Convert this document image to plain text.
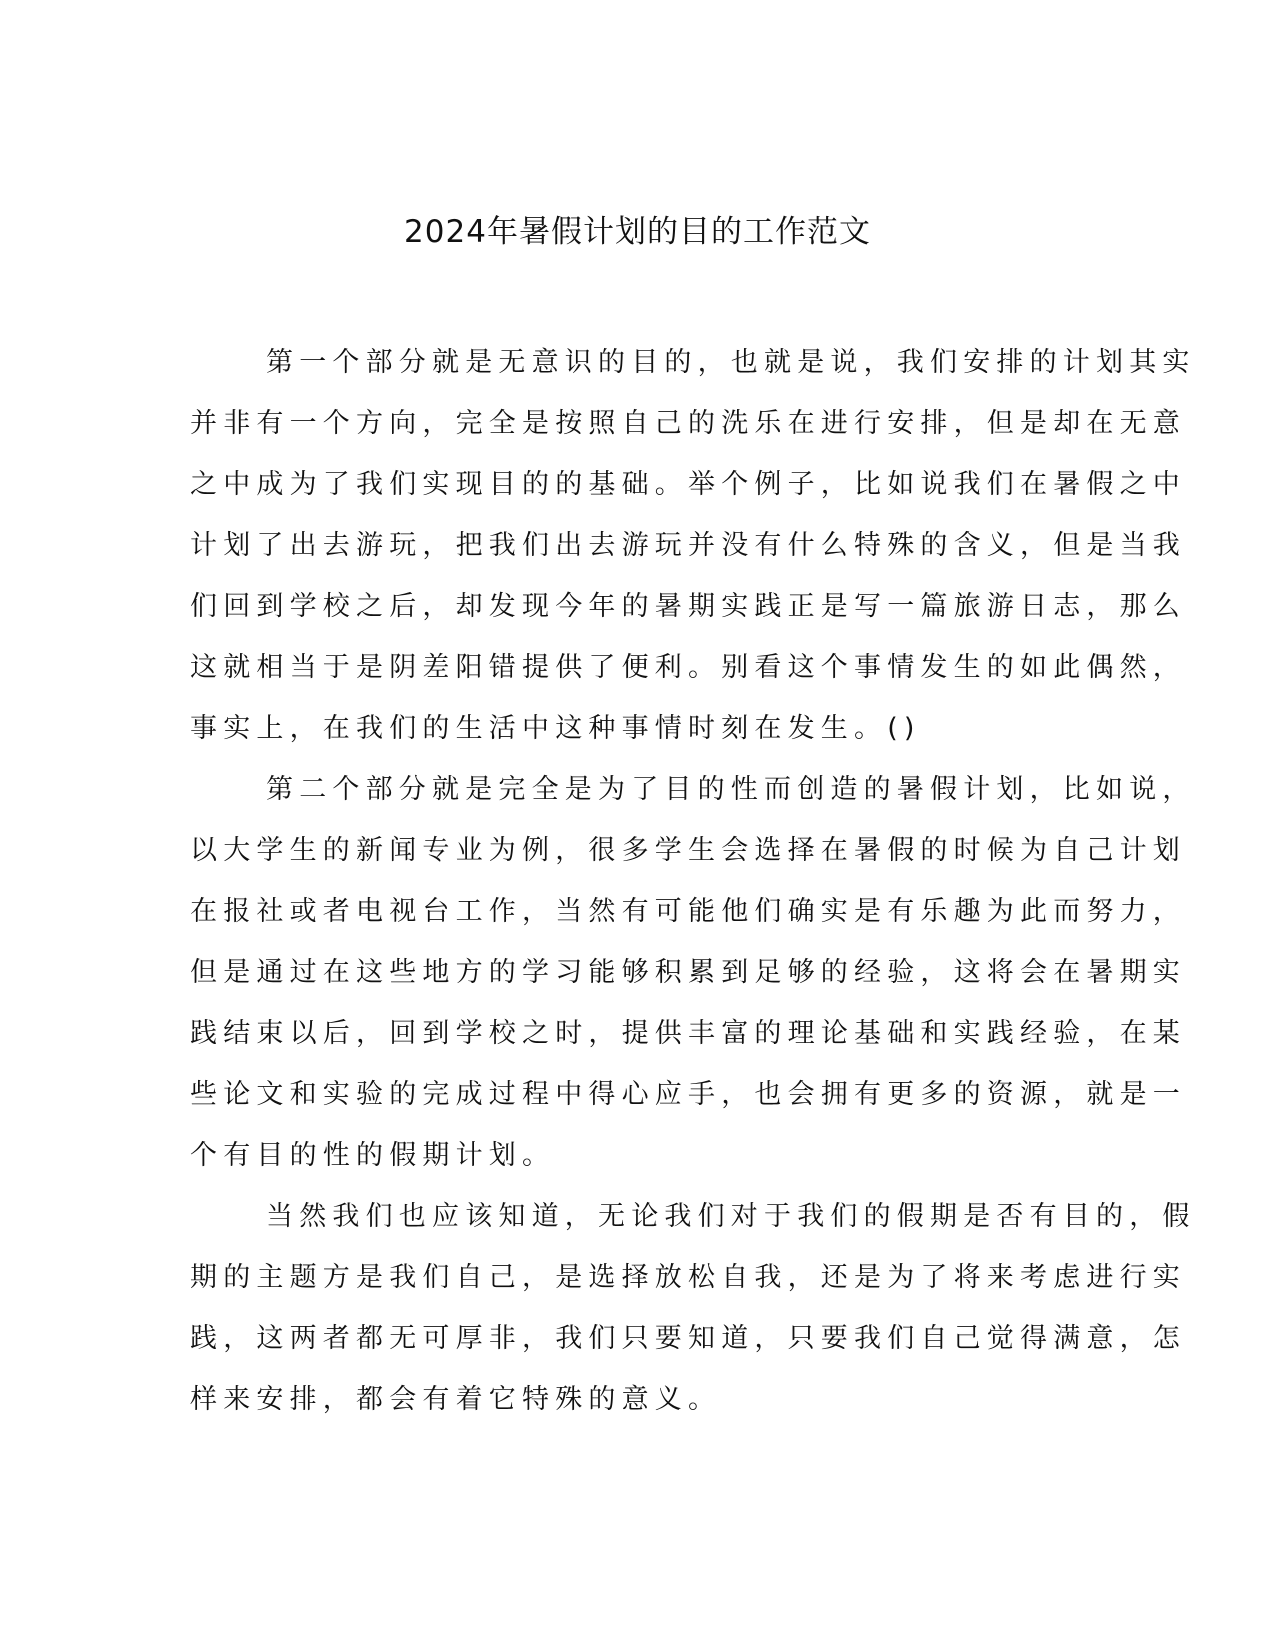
2024年暑假计划的目的工作范文

第一个部分就是无意识的目的，也就是说，我们安排的计划其实

并非有一个方向，完全是按照自己的洗乐在进行安排，但是却在无意

之中成为了我们实现目的的基础。举个例子，比如说我们在暑假之中

计划了出去游玩，把我们出去游玩并没有什么特殊的含义，但是当我

们回到学校之后，却发现今年的暑期实践正是写一篇旅游日志，那么

这就相当于是阴差阳错提供了便利。别看这个事情发生的如此偶然，

事实上，在我们的生活中这种事情时刻在发生。()

第二个部分就是完全是为了目的性而创造的暑假计划，比如说，

以大学生的新闻专业为例，很多学生会选择在暑假的时候为自己计划

在报社或者电视台工作，当然有可能他们确实是有乐趣为此而努力，

但是通过在这些地方的学习能够积累到足够的经验，这将会在暑期实

践结束以后，回到学校之时，提供丰富的理论基础和实践经验，在某

些论文和实验的完成过程中得心应手，也会拥有更多的资源，就是一

个有目的性的假期计划。

当然我们也应该知道，无论我们对于我们的假期是否有目的，假

期的主题方是我们自己，是选择放松自我，还是为了将来考虑进行实

践，这两者都无可厚非，我们只要知道，只要我们自己觉得满意，怎

样来安排，都会有着它特殊的意义。
